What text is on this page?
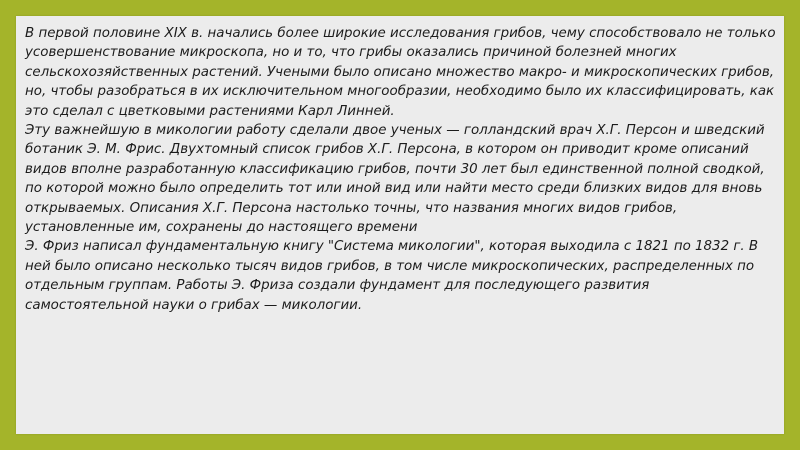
В первой половине XIX в. начались более широкие исследования грибов, чему способствовало не только усовершенствование микроскопа, но и то, что грибы оказались причиной болезней многих сельскохозяйственных растений. Учеными было описано множество макро- и микроскопических грибов, но, чтобы разобраться в их исключительном многообразии, необходимо было их классифицировать, как это сделал с цветковыми растениями Карл Линней.

Эту важнейшую в микологии работу сделали двое ученых — голландский врач Х.Г. Персон и шведский ботаник Э. М. Фрис. Двухтомный список грибов Х.Г. Персона, в котором он приводит кроме описаний видов вполне разработанную классификацию грибов, почти 30 лет был единственной полной сводкой, по которой можно было определить тот или иной вид или найти место среди близких видов для вновь открываемых. Описания Х.Г. Персона настолько точны, что названия многих видов грибов, установленные им, сохранены до настоящего времени

Э. Фриз написал фундаментальную книгу "Система микологии", которая выходила с 1821 по 1832 г. В ней было описано несколько тысяч видов грибов, в том числе микроскопических, распределенных по отдельным группам. Работы Э. Фриза создали фундамент для последующего развития самостоятельной науки о грибах — микологии.
